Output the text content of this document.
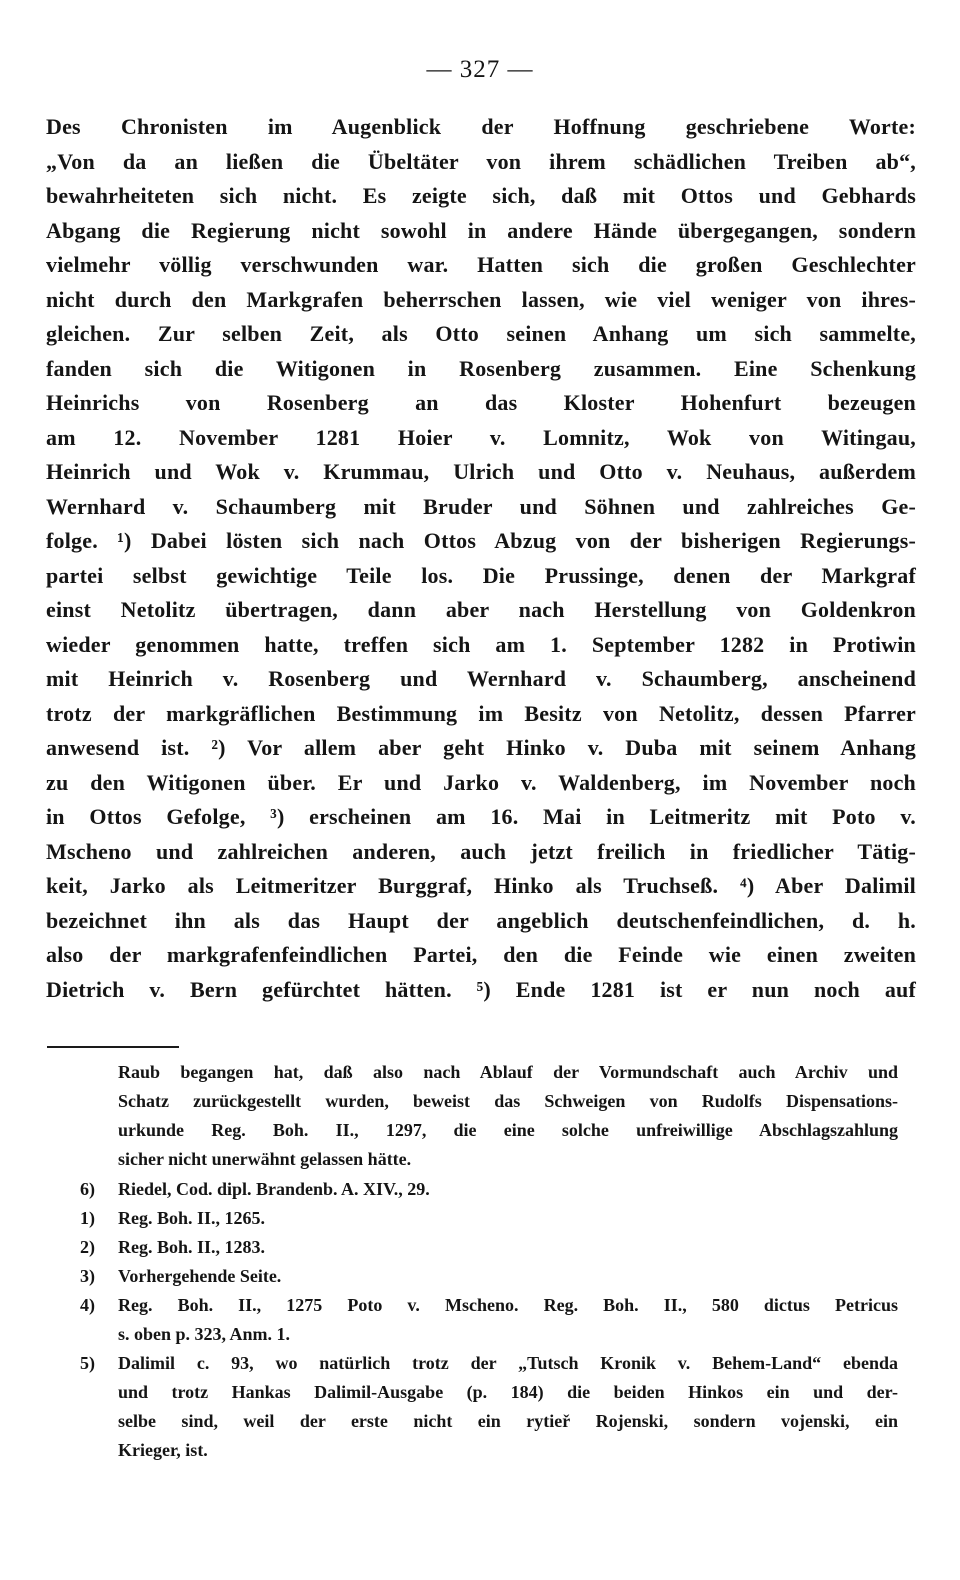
— 327 —
Des Chronisten im Augenblick der Hoffnung geschriebene Worte:
„Von da an ließen die Übeltäter von ihrem schädlichen Treiben ab“,
bewahrheiteten sich nicht. Es zeigte sich, daß mit Ottos und Gebhards
Abgang die Regierung nicht sowohl in andere Hände übergegangen, sondern
vielmehr völlig verschwunden war. Hatten sich die großen Geschlechter
nicht durch den Markgrafen beherrschen lassen, wie viel weniger von ihres-
gleichen. Zur selben Zeit, als Otto seinen Anhang um sich sammelte,
fanden sich die Witigonen in Rosenberg zusammen. Eine Schenkung
Heinrichs von Rosenberg an das Kloster Hohenfurt bezeugen
am 12. November 1281 Hoier v. Lomnitz, Wok von Witingau,
Heinrich und Wok v. Krummau, Ulrich und Otto v. Neuhaus, außerdem
Wernhard v. Schaumberg mit Bruder und Söhnen und zahlreiches Ge-
folge. ¹) Dabei lösten sich nach Ottos Abzug von der bisherigen Regierungs-
partei selbst gewichtige Teile los. Die Prussinge, denen der Markgraf
einst Netolitz übertragen, dann aber nach Herstellung von Goldenkron
wieder genommen hatte, treffen sich am 1. September 1282 in Protiwin
mit Heinrich v. Rosenberg und Wernhard v. Schaumberg, anscheinend
trotz der markgräflichen Bestimmung im Besitz von Netolitz, dessen Pfarrer
anwesend ist. ²) Vor allem aber geht Hinko v. Duba mit seinem Anhang
zu den Witigonen über. Er und Jarko v. Waldenberg, im November noch
in Ottos Gefolge, ³) erscheinen am 16. Mai in Leitmeritz mit Poto v.
Mscheno und zahlreichen anderen, auch jetzt freilich in friedlicher Tätig-
keit, Jarko als Leitmeritzer Burggraf, Hinko als Truchseß. ⁴) Aber Dalimil
bezeichnet ihn als das Haupt der angeblich deutschenfeindlichen, d. h.
also der markgrafenfeindlichen Partei, den die Feinde wie einen zweiten
Dietrich v. Bern gefürchtet hätten. ⁵) Ende 1281 ist er nun noch auf
Raub begangen hat, daß also nach Ablauf der Vormundschaft auch Archiv und
Schatz zurückgestellt wurden, beweist das Schweigen von Rudolfs Dispensations-
urkunde Reg. Boh. II., 1297, die eine solche unfreiwillige Abschlagszahlung
sicher nicht unerwähnt gelassen hätte.
6)	Riedel, Cod. dipl. Brandenb. A. XIV., 29.
1)	Reg. Boh. II., 1265.
2)	Reg. Boh. II., 1283.
3)	Vorhergehende Seite.
4)	Reg. Boh. II., 1275 Poto v. Mscheno. Reg. Boh. II., 580 dictus Petricus
s. oben p. 323, Anm. 1.
5)	Dalimil c. 93, wo natürlich trotz der „Tutsch Kronik v. Behem-Land“ ebenda
und trotz Hankas Dalimil-Ausgabe (p. 184) die beiden Hinkos ein und der-
selbe sind, weil der erste nicht ein rytieř Rojenski, sondern vojenski, ein
Krieger, ist.
